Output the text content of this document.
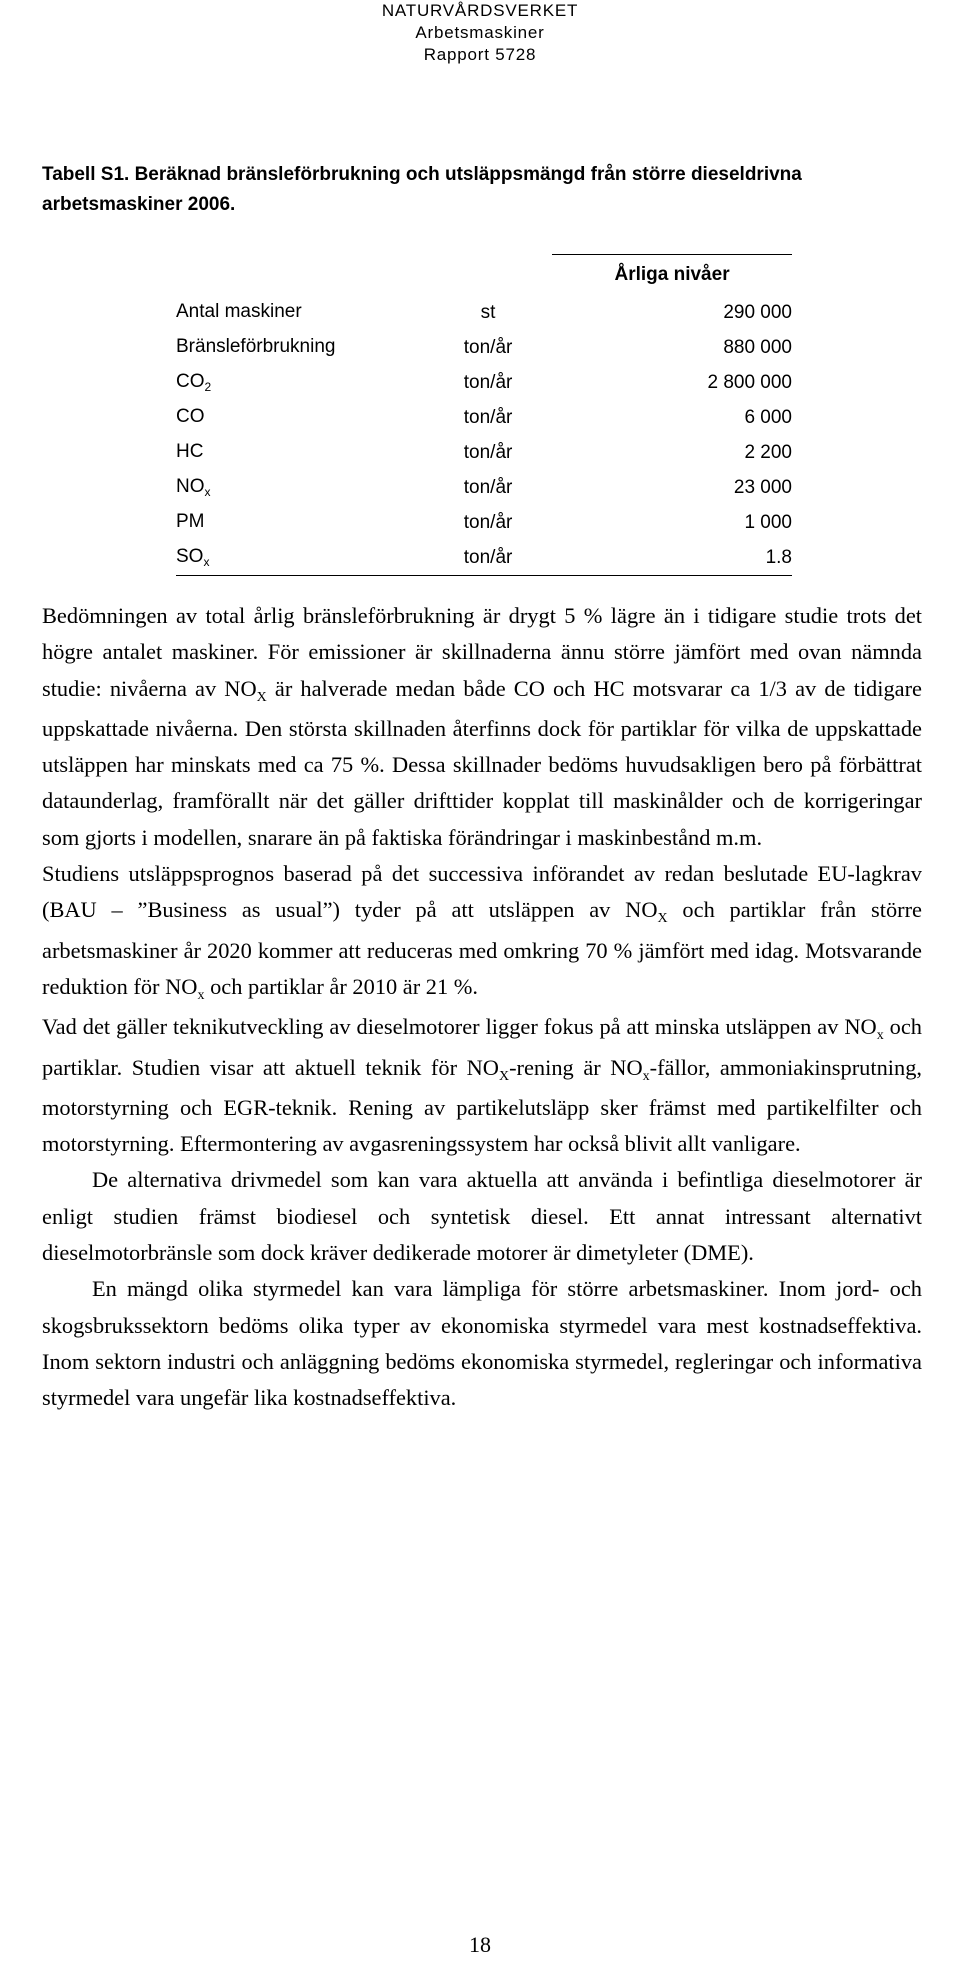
NATURVÅRDSVERKET
Arbetsmaskiner
Rapport 5728
Tabell S1. Beräknad bränsleförbrukning och utsläppsmängd från större dieseldrivna arbetsmaskiner 2006.
		Årliga nivåer
Antal maskiner	st	290 000
Bränsleförbrukning	ton/år	880 000
$CO_2$	ton/år	2 800 000
CO	ton/år	6 000
HC	ton/år	2 200
$NO_x$	ton/år	23 000
PM	ton/år	1 000
$SO_x$	ton/år	1.8

Bedömningen av total årlig bränsleförbrukning är drygt 5 % lägre än i tidigare studie trots det högre antalet maskiner. För emissioner är skillnaderna ännu större jämfört med ovan nämnda studie: nivåerna av $NO_X$ är halverade medan både CO och HC motsvarar ca 1/3 av de tidigare uppskattade nivåerna. Den största skillnaden återfinns dock för partiklar för vilka de uppskattade utsläppen har minskats med ca 75 %. Dessa skillnader bedöms huvudsakligen bero på förbättrat dataunderlag, framförallt när det gäller drifttider kopplat till maskinålder och de korrigeringar som gjorts i modellen, snarare än på faktiska förändringar i maskinbestånd m.m.

Studiens utsläppsprognos baserad på det successiva införandet av redan beslutade EU-lagkrav (BAU – ”Business as usual”) tyder på att utsläppen av $NO_X$ och partiklar från större arbetsmaskiner år 2020 kommer att reduceras med omkring 70 % jämfört med idag. Motsvarande reduktion för $NO_x$ och partiklar år 2010 är 21 %.

Vad det gäller teknikutveckling av dieselmotorer ligger fokus på att minska utsläppen av $NO_x$ och partiklar. Studien visar att aktuell teknik för $NO_X$-rening är $NO_x$-fällor, ammoniakinsprutning, motorstyrning och EGR-teknik. Rening av partikelutsläpp sker främst med partikelfilter och motorstyrning. Eftermontering av avgasreningssystem har också blivit allt vanligare.

De alternativa drivmedel som kan vara aktuella att använda i befintliga dieselmotorer är enligt studien främst biodiesel och syntetisk diesel. Ett annat intressant alternativt dieselmotorbränsle som dock kräver dedikerade motorer är dimetyleter (DME).

En mängd olika styrmedel kan vara lämpliga för större arbetsmaskiner. Inom jord- och skogsbrukssektorn bedöms olika typer av ekonomiska styrmedel vara mest kostnadseffektiva. Inom sektorn industri och anläggning bedöms ekonomiska styrmedel, regleringar och informativa styrmedel vara ungefär lika kostnadseffektiva.

18
